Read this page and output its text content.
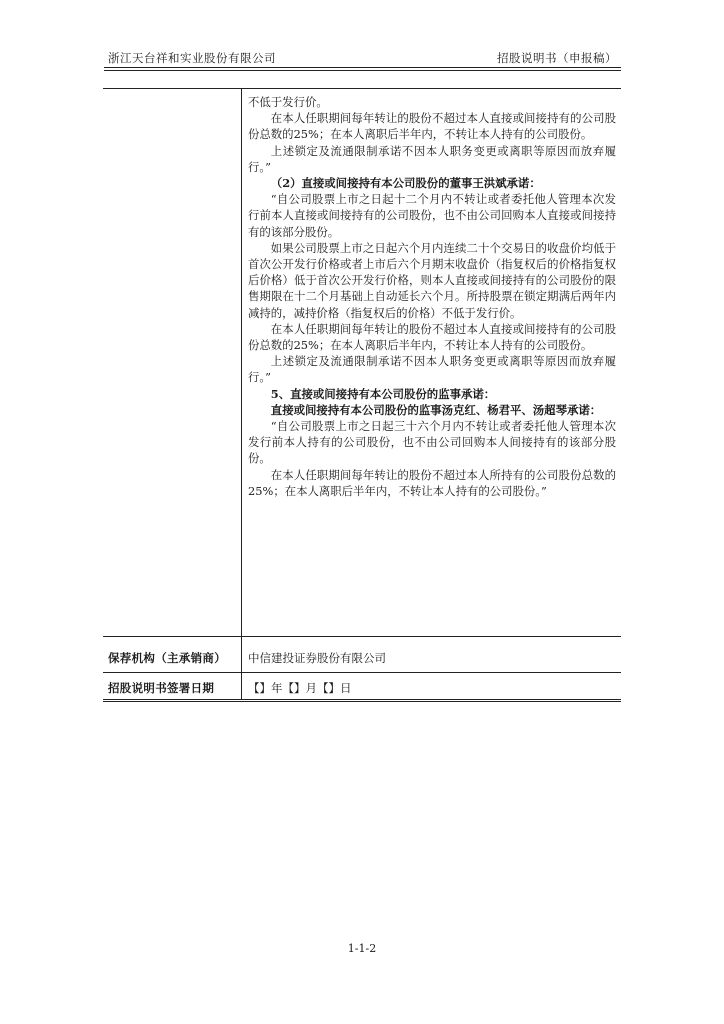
浙江天台祥和实业股份有限公司	招股说明书（申报稿）

不低于发行价。

在本人任职期间每年转让的股份不超过本人直接或间接持有的公司股份总数的25%；在本人离职后半年内，不转让本人持有的公司股份。

上述锁定及流通限制承诺不因本人职务变更或离职等原因而放弃履行。”

（2）直接或间接持有本公司股份的董事王洪斌承诺：

“自公司股票上市之日起十二个月内不转让或者委托他人管理本次发行前本人直接或间接持有的公司股份，也不由公司回购本人直接或间接持有的该部分股份。

如果公司股票上市之日起六个月内连续二十个交易日的收盘价均低于首次公开发行价格或者上市后六个月期末收盘价（指复权后的价格指复权后价格）低于首次公开发行价格，则本人直接或间接持有的公司股份的限售期限在十二个月基础上自动延长六个月。所持股票在锁定期满后两年内减持的，减持价格（指复权后的价格）不低于发行价。

在本人任职期间每年转让的股份不超过本人直接或间接持有的公司股份总数的25%；在本人离职后半年内，不转让本人持有的公司股份。

上述锁定及流通限制承诺不因本人职务变更或离职等原因而放弃履行。”

5、直接或间接持有本公司股份的监事承诺：

直接或间接持有本公司股份的监事汤克红、杨君平、汤超琴承诺：

“自公司股票上市之日起三十六个月内不转让或者委托他人管理本次发行前本人持有的公司股份，也不由公司回购本人间接持有的该部分股份。

在本人任职期间每年转让的股份不超过本人所持有的公司股份总数的25%；在本人离职后半年内，不转让本人持有的公司股份。”

保荐机构（主承销商） 中信建投证券股份有限公司
招股说明书签署日期	【】年【】月【】日
1-1-2
